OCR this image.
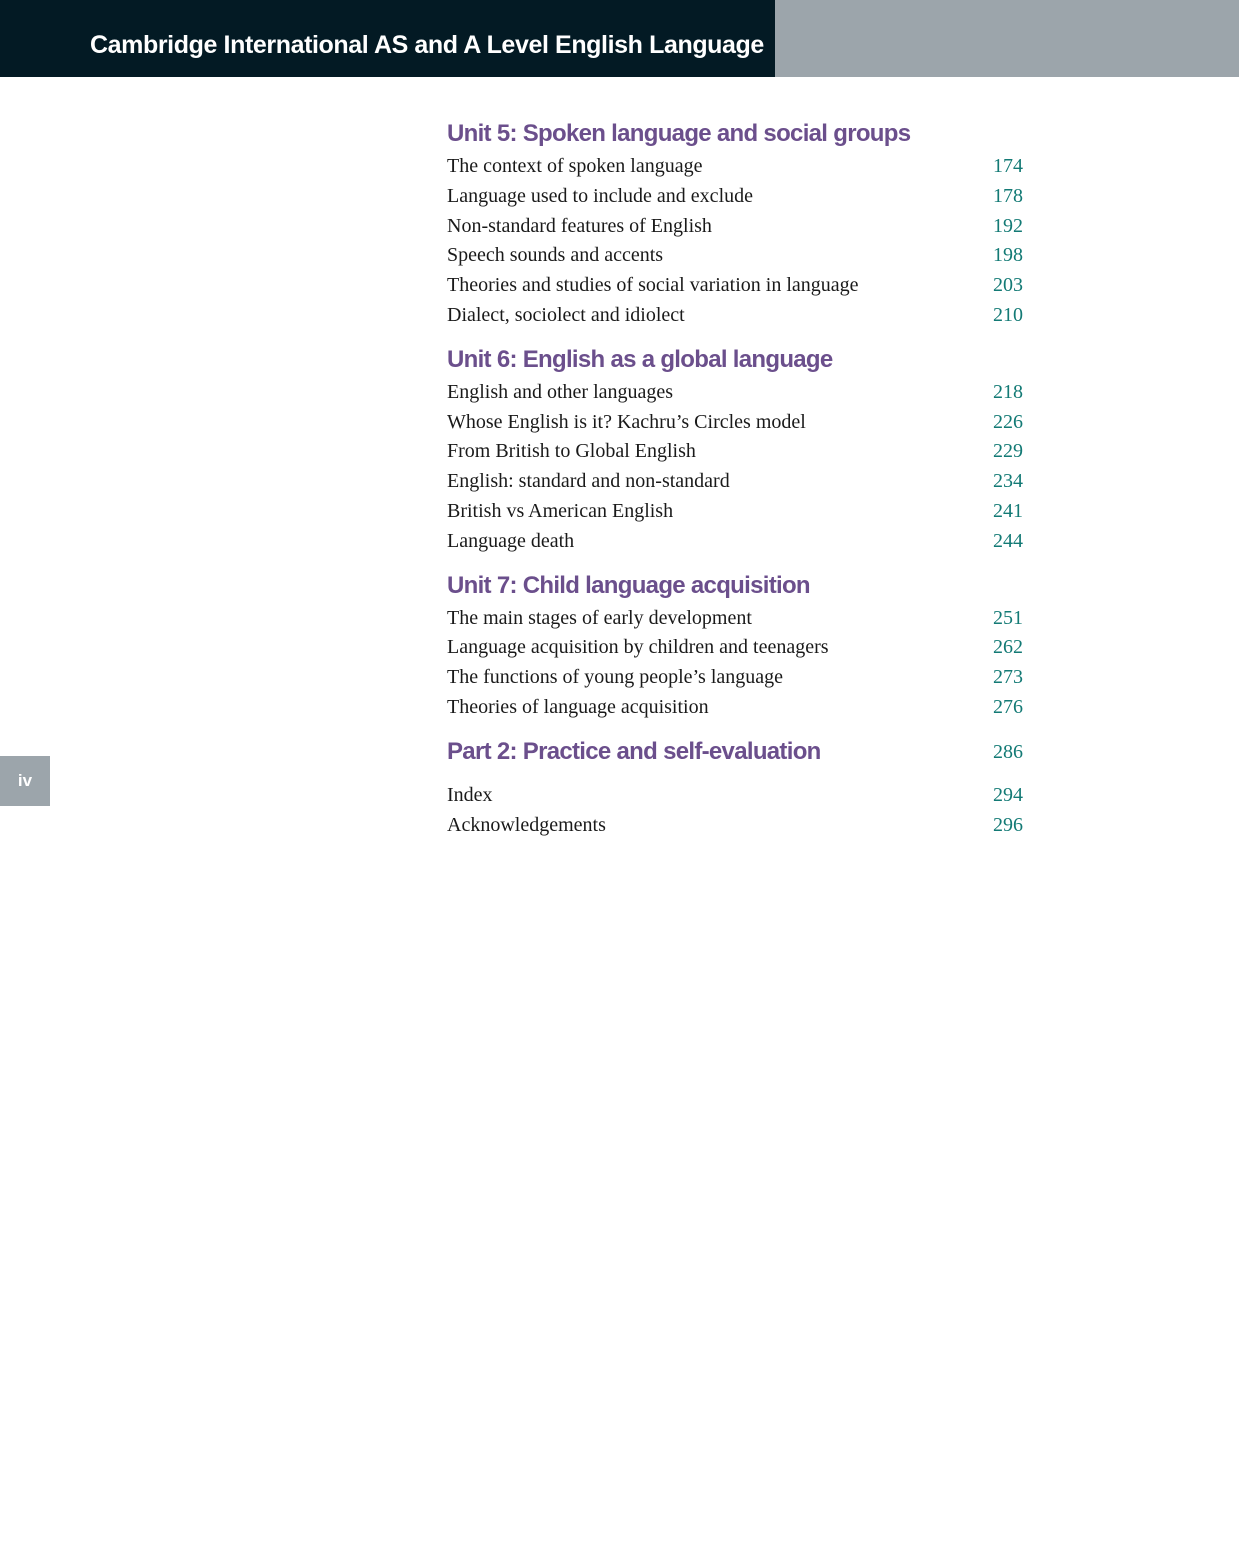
Cambridge International AS and A Level English Language
iv
Unit 5: Spoken language and social groups
The context of spoken language	174
Language used to include and exclude	178
Non-standard features of English	192
Speech sounds and accents	198
Theories and studies of social variation in language	203
Dialect, sociolect and idiolect	210
Unit 6: English as a global language
English and other languages	218
Whose English is it? Kachru’s Circles model	226
From British to Global English	229
English: standard and non-standard	234
British vs American English	241
Language death	244
Unit 7: Child language acquisition
The main stages of early development	251
Language acquisition by children and teenagers	262
The functions of young people’s language	273
Theories of language acquisition	276
Part 2: Practice and self-evaluation	286
Index	294
Acknowledgements	296
